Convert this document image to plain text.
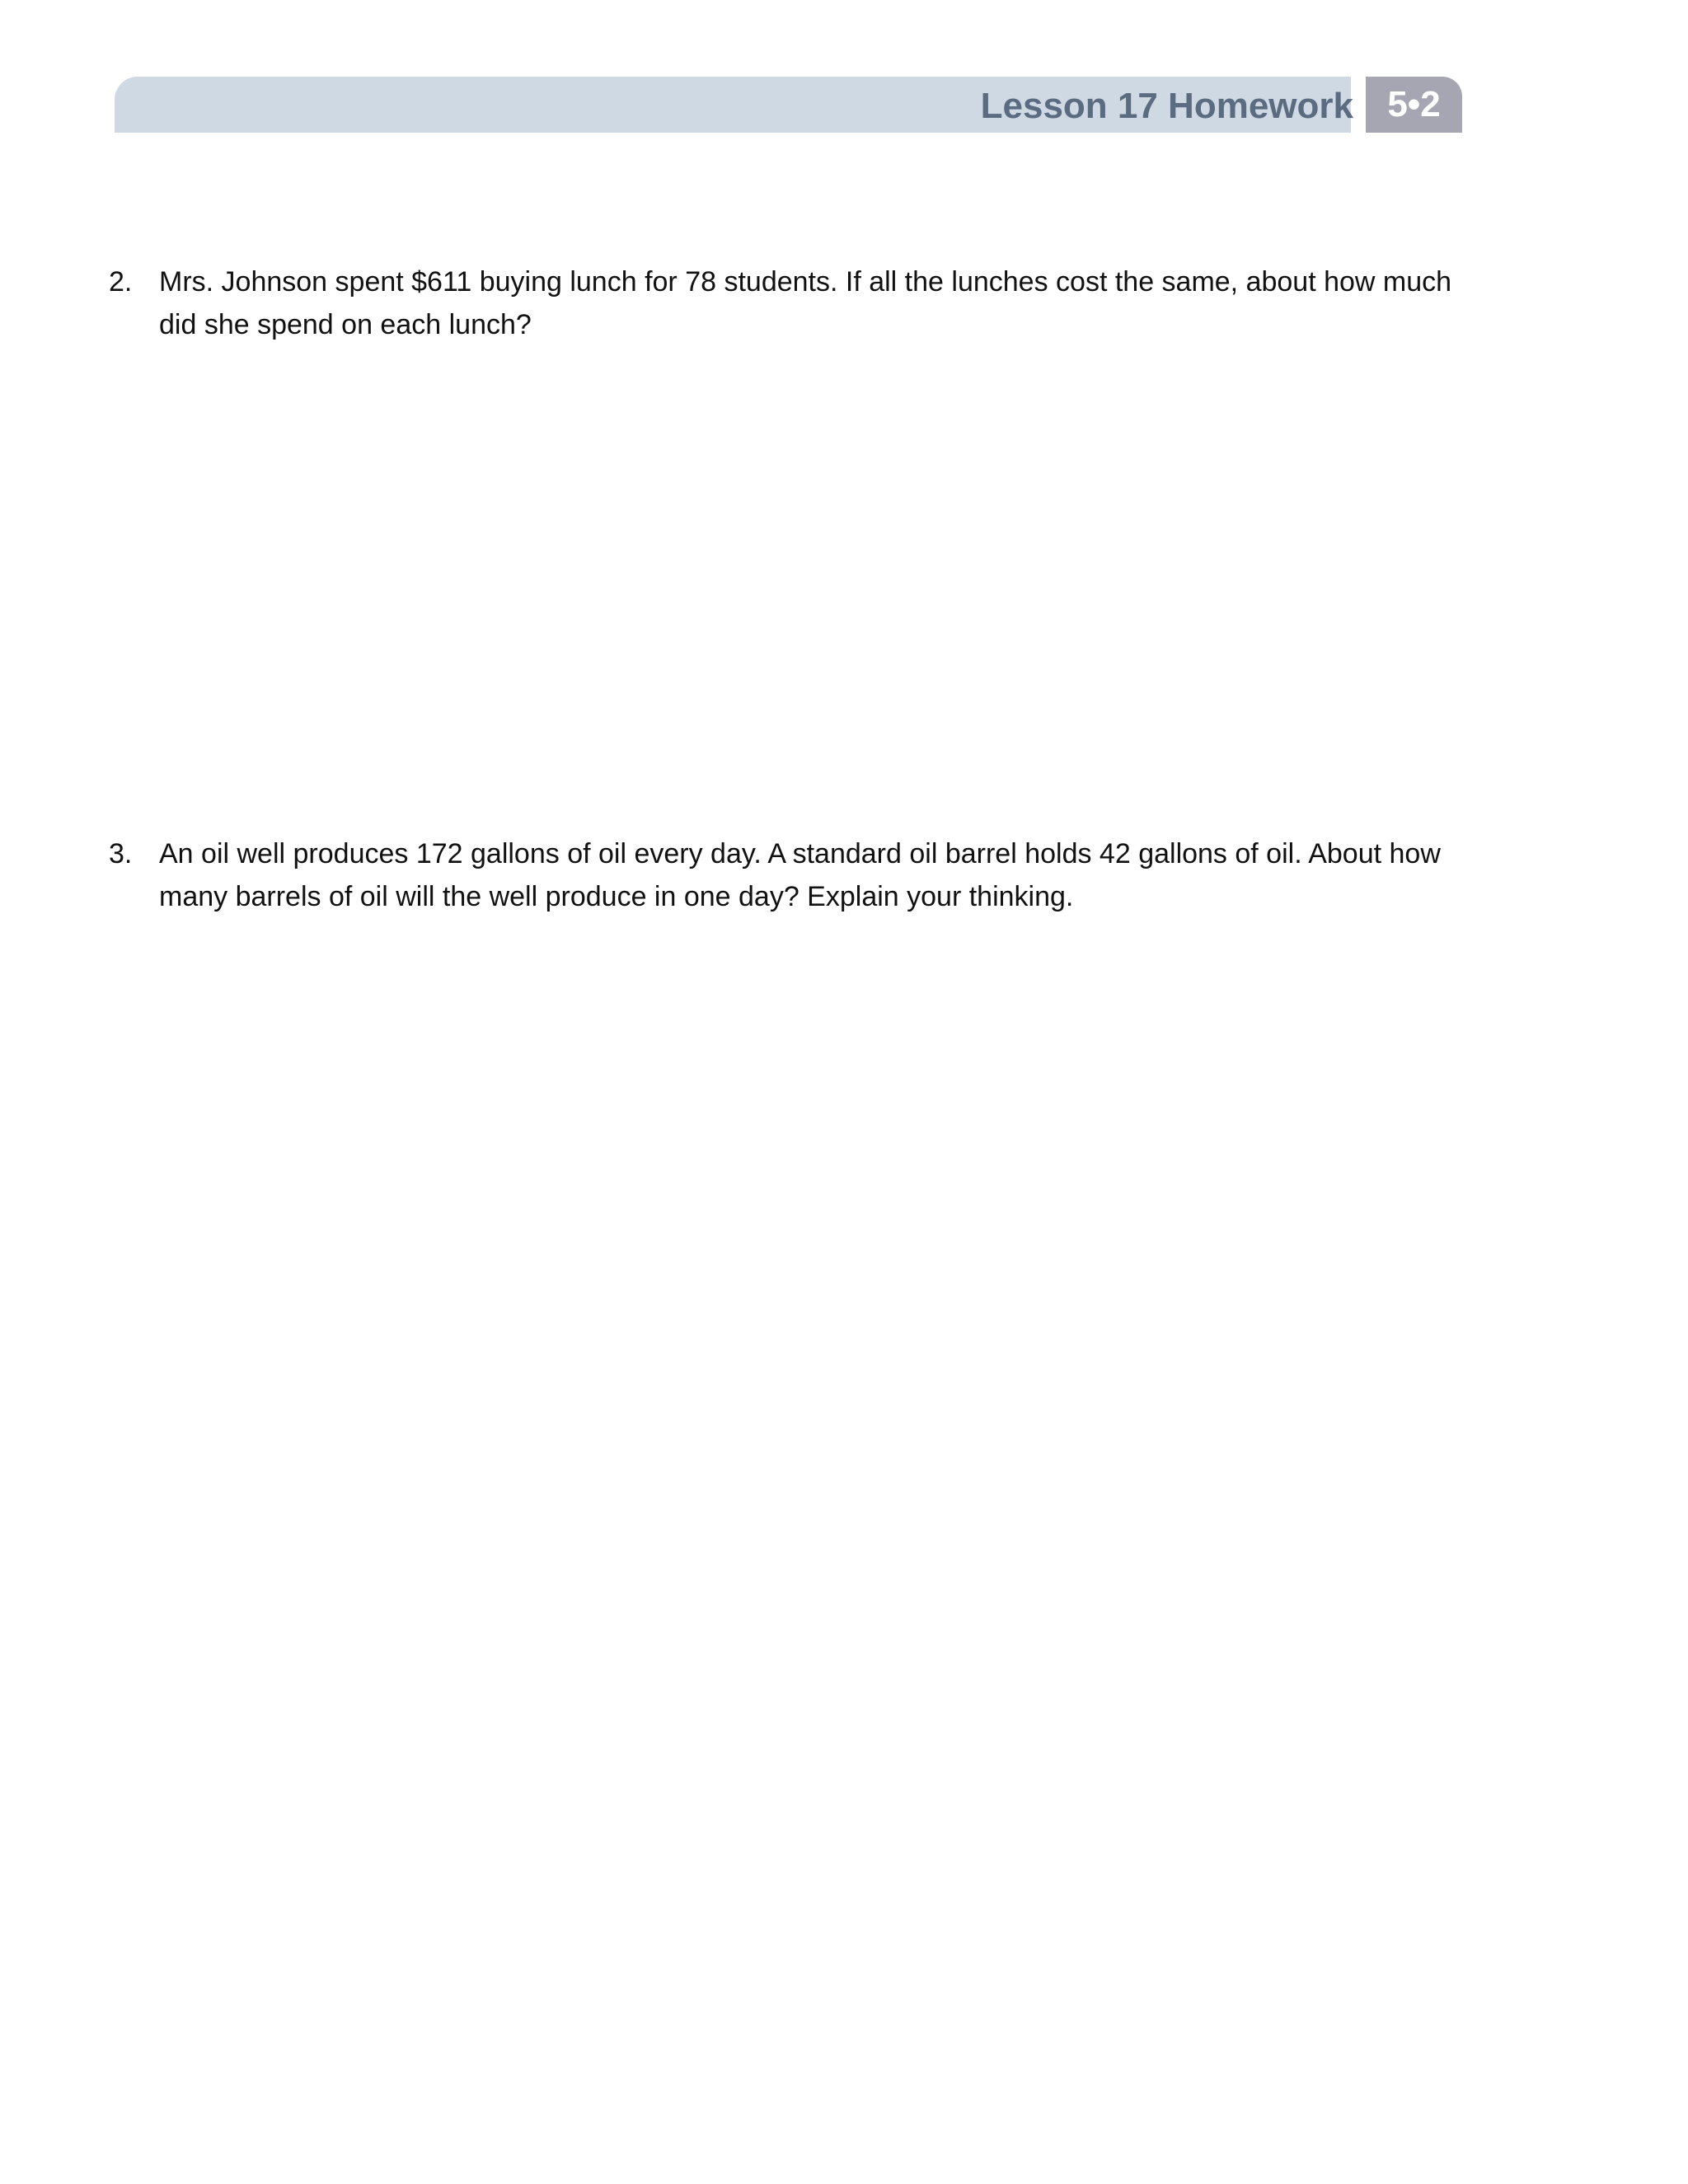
Lesson 17 Homework 5•2
2. Mrs. Johnson spent $611 buying lunch for 78 students. If all the lunches cost the same, about how much did she spend on each lunch?
3. An oil well produces 172 gallons of oil every day. A standard oil barrel holds 42 gallons of oil. About how many barrels of oil will the well produce in one day? Explain your thinking.
